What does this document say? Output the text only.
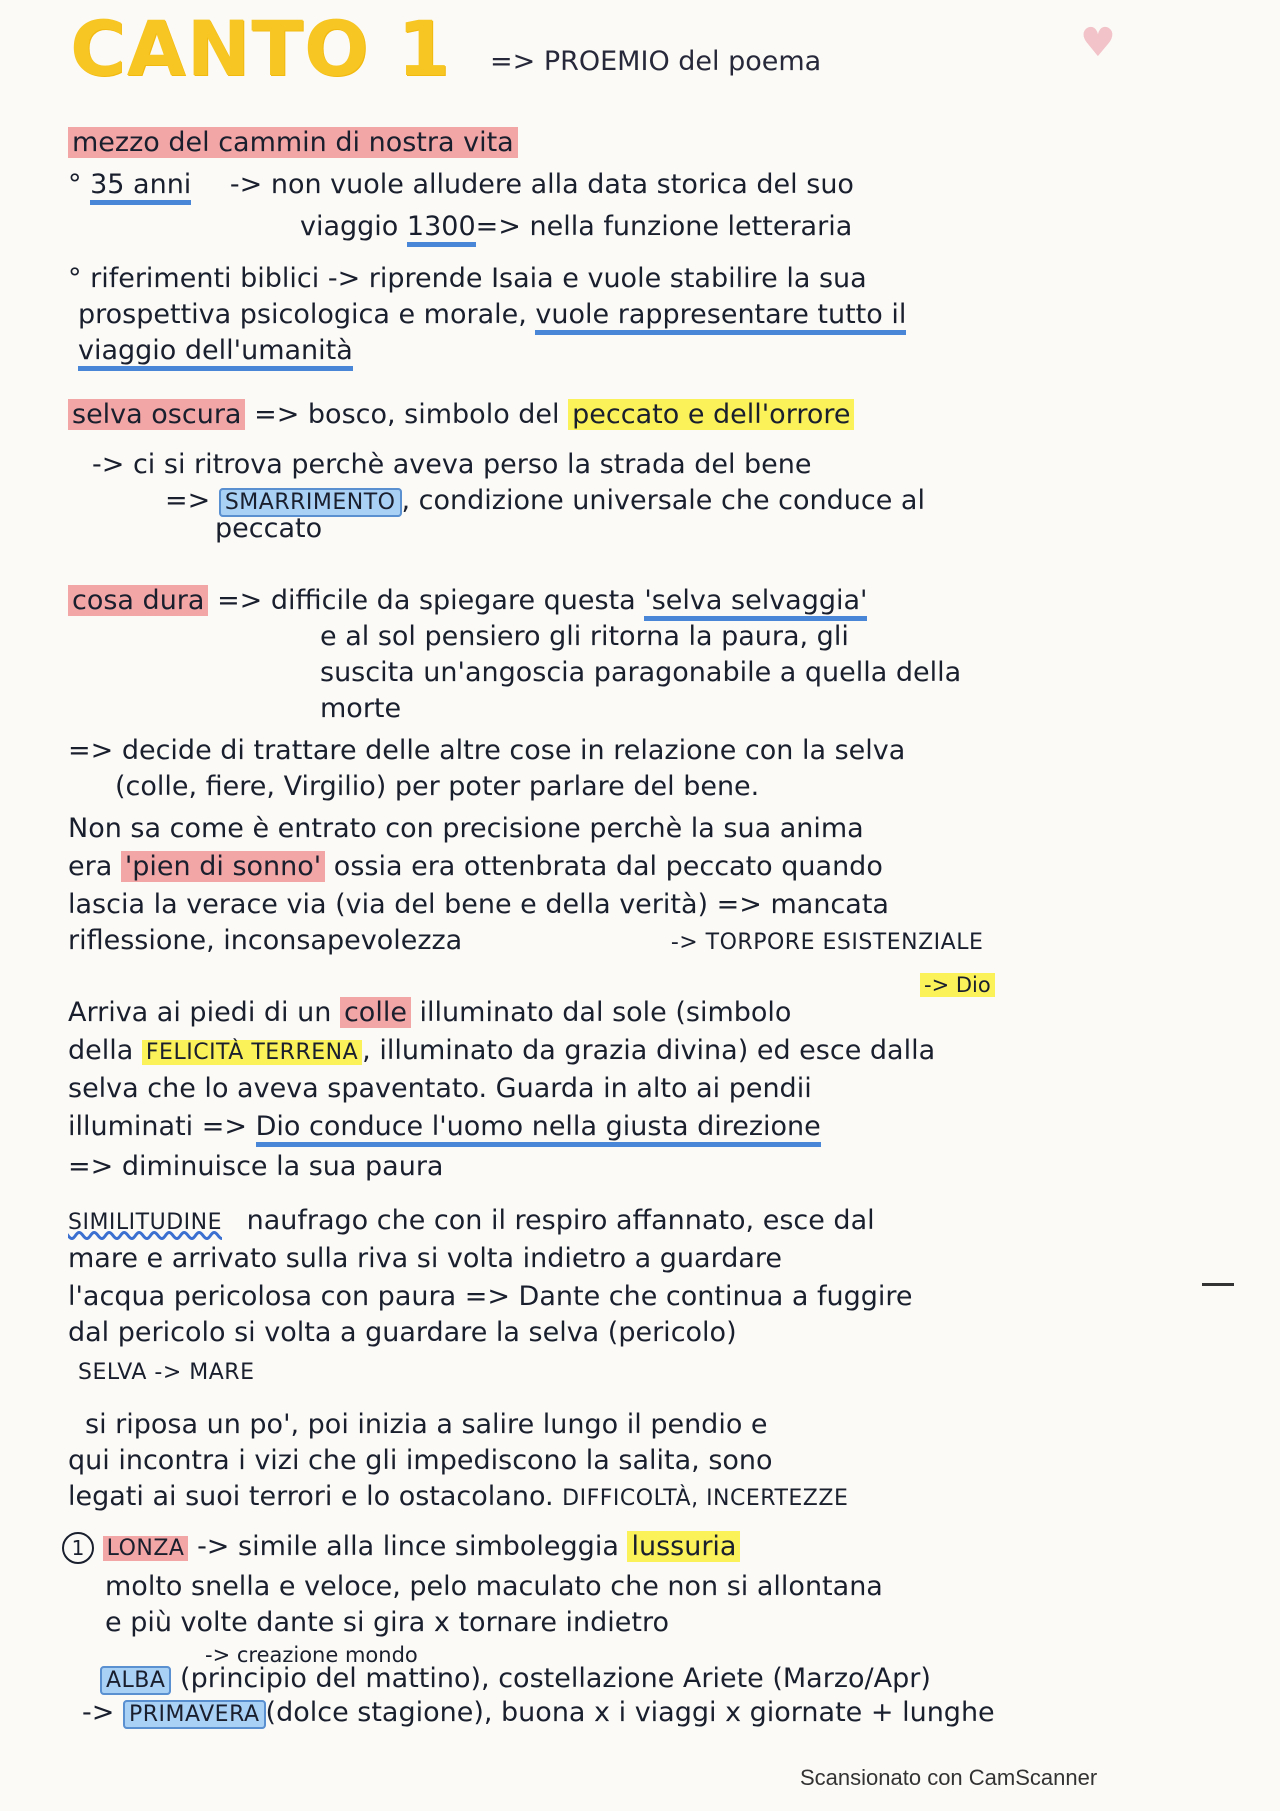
CANTO 1 => PROEMIO del poema	♥
mezzo del cammin di nostra vita
° 35 anni -> non vuole alludere alla data storica del suo
viaggio 1300=> nella funzione letteraria
° riferimenti biblici -> riprende Isaia e vuole stabilire la sua
prospettiva psicologica e morale, vuole rappresentare tutto il
viaggio dell'umanità
selva oscura => bosco, simbolo del peccato e dell'orrore
-> ci si ritrova perchè aveva perso la strada del bene
=> SMARRIMENTO , condizione universale che conduce al
peccato
cosa dura => difficile da spiegare questa 'selva selvaggia'
e al sol pensiero gli ritorna la paura, gli
suscita un'angoscia paragonabile a quella della
morte
=> decide di trattare delle altre cose in relazione con la selva
(colle, fiere, Virgilio) per poter parlare del bene.
Non sa come è entrato con precisione perchè la sua anima
era 'pien di sonno' ossia era ottenbrata dal peccato quando
lascia la verace via (via del bene e della verità) => mancata
riflessione, inconsapevolezza	-> TORPORE ESISTENZIALE
-> Dio
Arriva ai piedi di un colle illuminato dal sole (simbolo
della FELICITÀ TERRENA , illuminato da grazia divina) ed esce dalla
selva che lo aveva spaventato. Guarda in alto ai pendii
illuminati => Dio conduce l'uomo nella giusta direzione
=> diminuisce la sua paura
SIMILITUDINE naufrago che con il respiro affannato, esce dal
mare e arrivato sulla riva si volta indietro a guardare
l'acqua pericolosa con paura => Dante che continua a fuggire
dal pericolo si volta a guardare la selva (pericolo)
SELVA -> MARE
si riposa un po', poi inizia a salire lungo il pendio e
qui incontra i vizi che gli impediscono la salita, sono
legati ai suoi terrori e lo ostacolano. DIFFICOLTÀ, INCERTEZZE
1 LONZA -> simile alla lince simboleggia lussuria
molto snella e veloce, pelo maculato che non si allontana
e più volte dante si gira x tornare indietro
-> creazione mondo
ALBA (principio del mattino), costellazione Ariete (Marzo/Apr)
-> PRIMAVERA (dolce stagione), buona x i viaggi x giornate + lunghe
Scansionato con CamScanner
